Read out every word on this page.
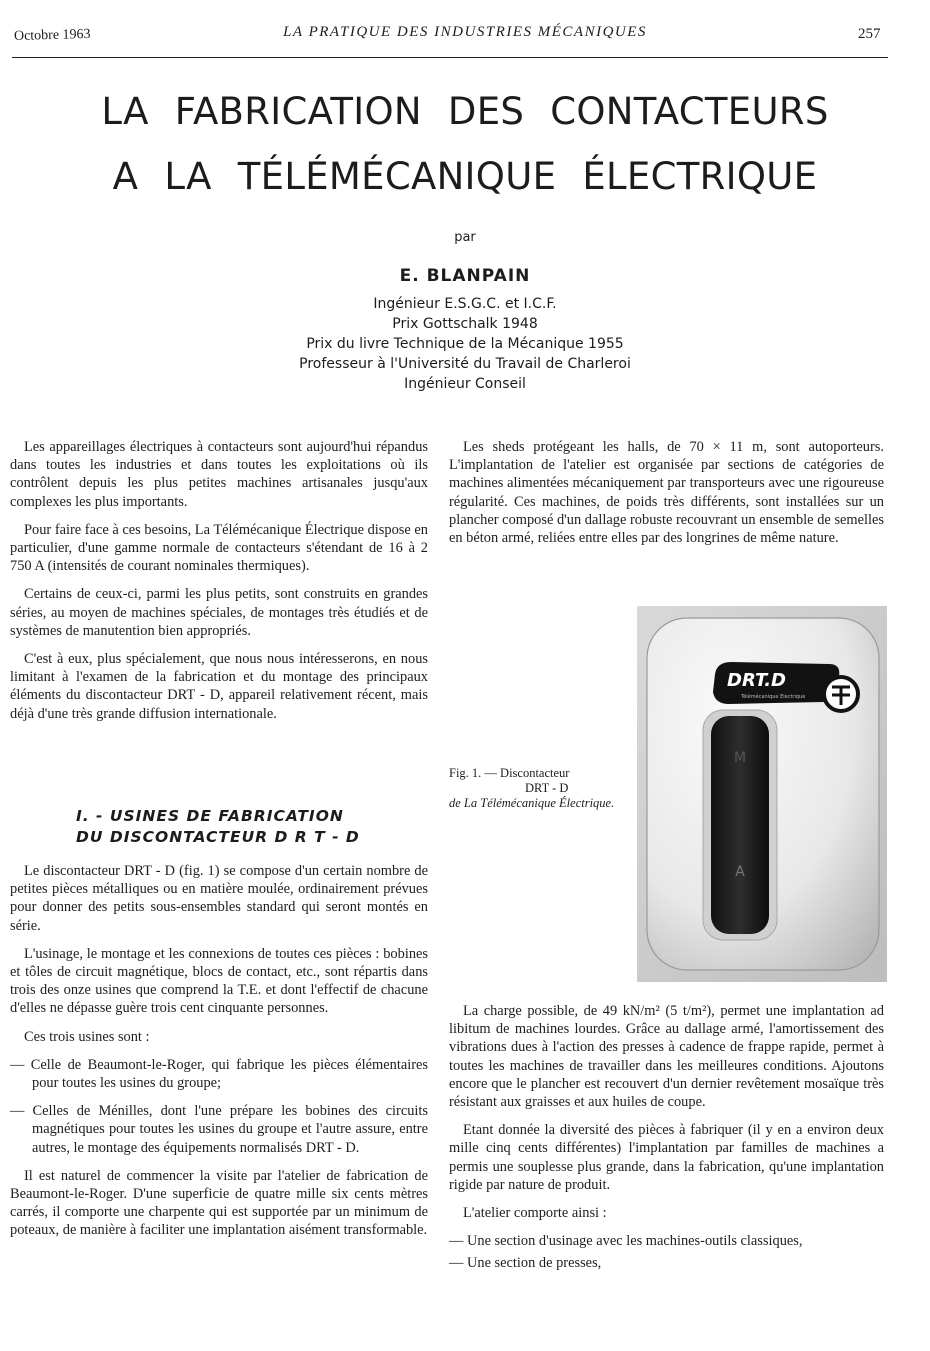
Octobre 1963	LA PRATIQUE DES INDUSTRIES MÉCANIQUES	257
LA FABRICATION DES CONTACTEURS
A LA TÉLÉMÉCANIQUE ÉLECTRIQUE
par
E. BLANPAIN
Ingénieur E.S.G.C. et I.C.F.
Prix Gottschalk 1948
Prix du livre Technique de la Mécanique 1955
Professeur à l'Université du Travail de Charleroi
Ingénieur Conseil

Les appareillages électriques à contacteurs sont aujourd'hui répandus dans toutes les industries et dans toutes les exploitations où ils contrôlent depuis les plus petites machines artisanales jusqu'aux complexes les plus importants.

Pour faire face à ces besoins, La Télémécanique Électrique dispose en particulier, d'une gamme normale de contacteurs s'étendant de 16 à 2 750 A (intensités de courant nominales thermiques).

Certains de ceux-ci, parmi les plus petits, sont construits en grandes séries, au moyen de machines spéciales, de montages très étudiés et de systèmes de manutention bien appropriés.

C'est à eux, plus spécialement, que nous nous intéresserons, en nous limitant à l'examen de la fabrication et du montage des principaux éléments du discontacteur DRT - D, appareil relativement récent, mais déjà d'une très grande diffusion internationale.

I. - USINES DE FABRICATION
DU DISCONTACTEUR D R T - D

Le discontacteur DRT - D (fig. 1) se compose d'un certain nombre de petites pièces métalliques ou en matière moulée, ordinairement prévues pour donner des petits sous-ensembles standard qui seront montés en série.

L'usinage, le montage et les connexions de toutes ces pièces : bobines et tôles de circuit magnétique, blocs de contact, etc., sont répartis dans trois des onze usines que comprend la T.E. et dont l'effectif de chacune d'elles ne dépasse guère trois cent cinquante personnes.

Ces trois usines sont :

— Celle de Beaumont-le-Roger, qui fabrique les pièces élémentaires pour toutes les usines du groupe;

— Celles de Ménilles, dont l'une prépare les bobines des circuits magnétiques pour toutes les usines du groupe et l'autre assure, entre autres, le montage des équipements normalisés DRT - D.

Il est naturel de commencer la visite par l'atelier de fabrication de Beaumont-le-Roger. D'une superficie de quatre mille six cents mètres carrés, il comporte une charpente qui est supportée par un minimum de poteaux, de manière à faciliter une implantation aisément transformable.

Les sheds protégeant les halls, de 70 × 11 m, sont autoporteurs. L'implantation de l'atelier est organisée par sections de catégories de machines alimentées mécaniquement par transporteurs avec une rigoureuse régularité. Ces machines, de poids très différents, sont installées sur un plancher composé d'un dallage robuste recouvrant un ensemble de semelles en béton armé, reliées entre elles par des longrines de même nature.

Fig. 1. — Discontacteur
DRT - D
de La Télémécanique Électrique.
DRT.D
Télémécanique Electrique
M
A

La charge possible, de 49 kN/m² (5 t/m²), permet une implantation ad libitum de machines lourdes. Grâce au dallage armé, l'amortissement des vibrations dues à l'action des presses à cadence de frappe rapide, permet à toutes les machines de travailler dans les meilleures conditions. Ajoutons encore que le plancher est recouvert d'un dernier revêtement mosaïque très résistant aux graisses et aux huiles de coupe.

Etant donnée la diversité des pièces à fabriquer (il y en a environ deux mille cinq cents différentes) l'implantation par familles de machines a permis une souplesse plus grande, dans la fabrication, qu'une implantation rigide par nature de produit.

L'atelier comporte ainsi :

— Une section d'usinage avec les machines-outils classiques,

— Une section de presses,
